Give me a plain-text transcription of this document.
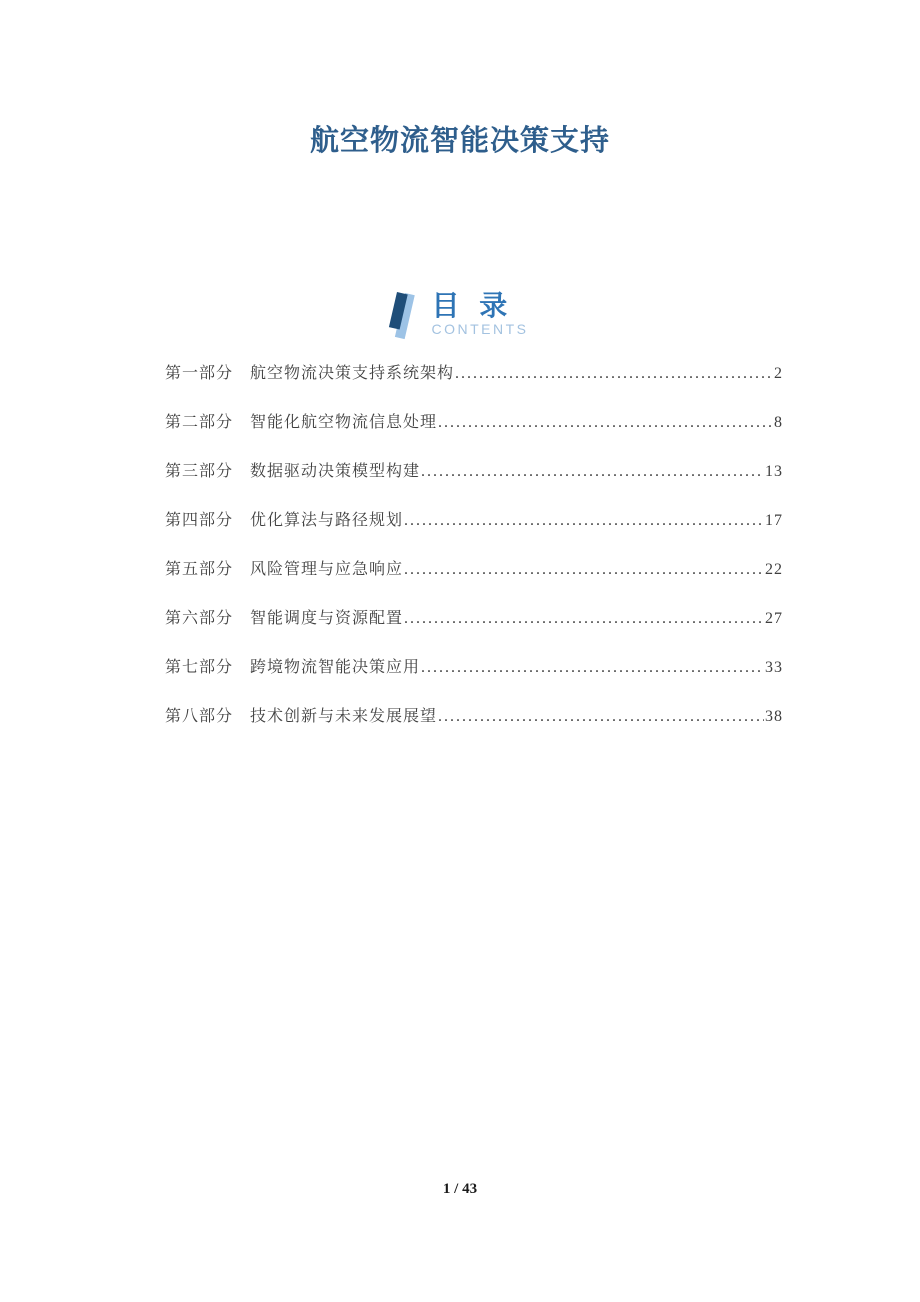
航空物流智能决策支持
目 录
CONTENTS
第一部分 航空物流决策支持系统架构 .....	2
第二部分 智能化航空物流信息处理 .....	8
第三部分 数据驱动决策模型构建 .....	13
第四部分 优化算法与路径规划 .....	17
第五部分 风险管理与应急响应 .....	22
第六部分 智能调度与资源配置 .....	27
第七部分 跨境物流智能决策应用 .....	33
第八部分 技术创新与未来发展展望 .....	38
1 / 43
